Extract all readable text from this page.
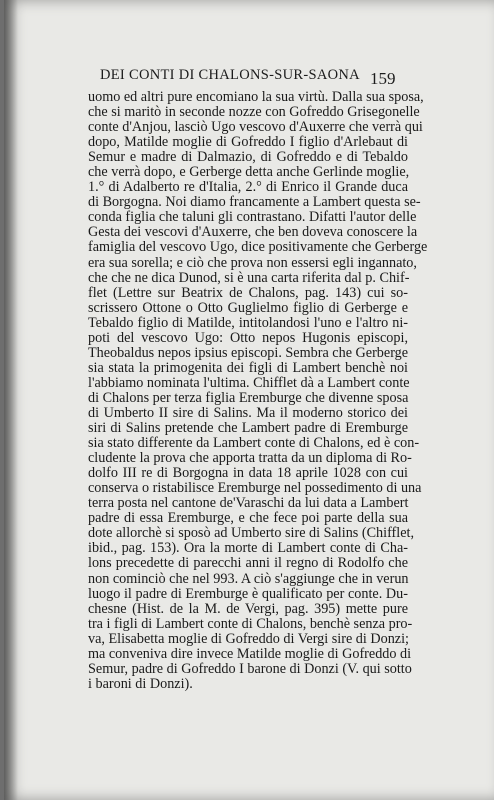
DEI CONTI DI CHALONS-SUR-SAONA 159
uomo ed altri pure encomiano la sua virtù. Dalla sua sposa,
che si maritò in seconde nozze con Gofreddo Grisegonelle
conte d'Anjou, lasciò Ugo vescovo d'Auxerre che verrà qui
dopo, Matilde moglie di Gofreddo I figlio d'Arlebaut di
Semur e madre di Dalmazio, di Gofreddo e di Tebaldo
che verrà dopo, e Gerberge detta anche Gerlinde moglie,
1.° di Adalberto re d'Italia, 2.° di Enrico il Grande duca
di Borgogna. Noi diamo francamente a Lambert questa se-
conda figlia che taluni gli contrastano. Difatti l'autor delle
Gesta dei vescovi d'Auxerre, che ben doveva conoscere la
famiglia del vescovo Ugo, dice positivamente che Gerberge
era sua sorella; e ciò che prova non essersi egli ingannato,
che che ne dica Dunod, si è una carta riferita dal p. Chif-
flet (Lettre sur Beatrix de Chalons, pag. 143) cui so-
scrissero Ottone o Otto Guglielmo figlio di Gerberge e
Tebaldo figlio di Matilde, intitolandosi l'uno e l'altro ni-
poti del vescovo Ugo: Otto nepos Hugonis episcopi,
Theobaldus nepos ipsius episcopi. Sembra che Gerberge
sia stata la primogenita dei figli di Lambert benchè noi
l'abbiamo nominata l'ultima. Chifflet dà a Lambert conte
di Chalons per terza figlia Eremburge che divenne sposa
di Umberto II sire di Salins. Ma il moderno storico dei
siri di Salins pretende che Lambert padre di Eremburge
sia stato differente da Lambert conte di Chalons, ed è con-
cludente la prova che apporta tratta da un diploma di Ro-
dolfo III re di Borgogna in data 18 aprile 1028 con cui
conserva o ristabilisce Eremburge nel possedimento di una
terra posta nel cantone de'Varaschi da lui data a Lambert
padre di essa Eremburge, e che fece poi parte della sua
dote allorchè si sposò ad Umberto sire di Salins (Chifflet,
ibid., pag. 153). Ora la morte di Lambert conte di Cha-
lons precedette di parecchi anni il regno di Rodolfo che
non cominciò che nel 993. A ciò s'aggiunge che in verun
luogo il padre di Eremburge è qualificato per conte. Du-
chesne (Hist. de la M. de Vergi, pag. 395) mette pure
tra i figli di Lambert conte di Chalons, benchè senza pro-
va, Elisabetta moglie di Gofreddo di Vergi sire di Donzi;
ma conveniva dire invece Matilde moglie di Gofreddo di
Semur, padre di Gofreddo I barone di Donzi (V. qui sotto
i baroni di Donzi).
